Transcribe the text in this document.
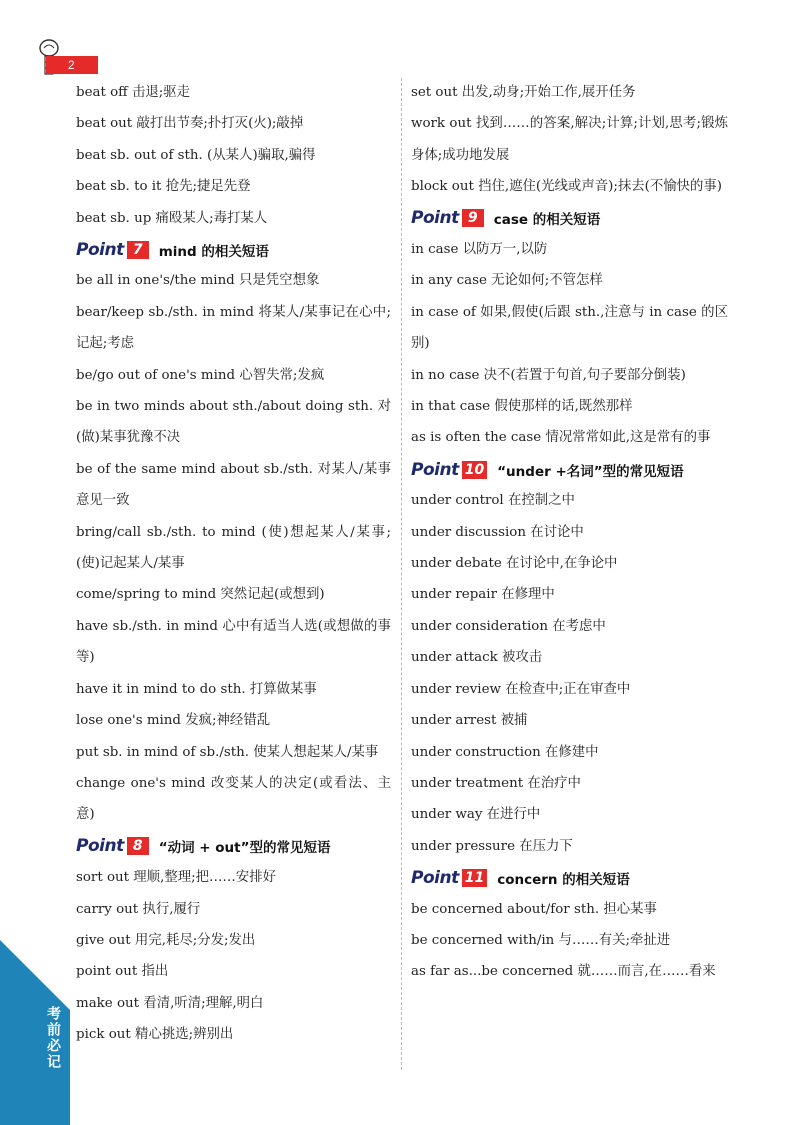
考前必记
2

beat off 击退;驱走

beat out 敲打出节奏;扑打灭(火);敲掉

beat sb. out of sth. (从某人)骗取,骗得

beat sb. to it 抢先;捷足先登

beat sb. up 痛殴某人;毒打某人

Point 7	mind 的相关短语

be all in one's/the mind 只是凭空想象

bear/keep sb./sth. in mind 将某人/某事记在心中;记起;考虑

be/go out of one's mind 心智失常;发疯

be in two minds about sth./about doing sth. 对(做)某事犹豫不决

be of the same mind about sb./sth. 对某人/某事意见一致

bring/call sb./sth. to mind (使)想起某人/某事;(使)记起某人/某事

come/spring to mind 突然记起(或想到)

have sb./sth. in mind 心中有适当人选(或想做的事等)

have it in mind to do sth. 打算做某事

lose one's mind 发疯;神经错乱

put sb. in mind of sb./sth. 使某人想起某人/某事

change one's mind 改变某人的决定(或看法、主意)

Point 8	“动词 + out”型的常见短语

sort out 理顺,整理;把……安排好

carry out 执行,履行

give out 用完,耗尽;分发;发出

point out 指出

make out 看清,听清;理解,明白

pick out 精心挑选;辨别出

set out 出发,动身;开始工作,展开任务

work out 找到……的答案,解决;计算;计划,思考;锻炼身体;成功地发展

block out 挡住,遮住(光线或声音);抹去(不愉快的事)

Point 9	case 的相关短语

in case 以防万一,以防

in any case 无论如何;不管怎样

in case of 如果,假使(后跟 sth.,注意与 in case 的区别)

in no case 决不(若置于句首,句子要部分倒装)

in that case 假使那样的话,既然那样

as is often the case 情况常常如此,这是常有的事

Point 10 “under +名词”型的常见短语

under control 在控制之中

under discussion 在讨论中

under debate 在讨论中,在争论中

under repair 在修理中

under consideration 在考虑中

under attack 被攻击

under review 在检查中;正在审查中

under arrest 被捕

under construction 在修建中

under treatment 在治疗中

under way 在进行中

under pressure 在压力下

Point 11 concern 的相关短语

be concerned about/for sth. 担心某事

be concerned with/in 与……有关;牵扯进

as far as...be concerned 就……而言,在……看来
